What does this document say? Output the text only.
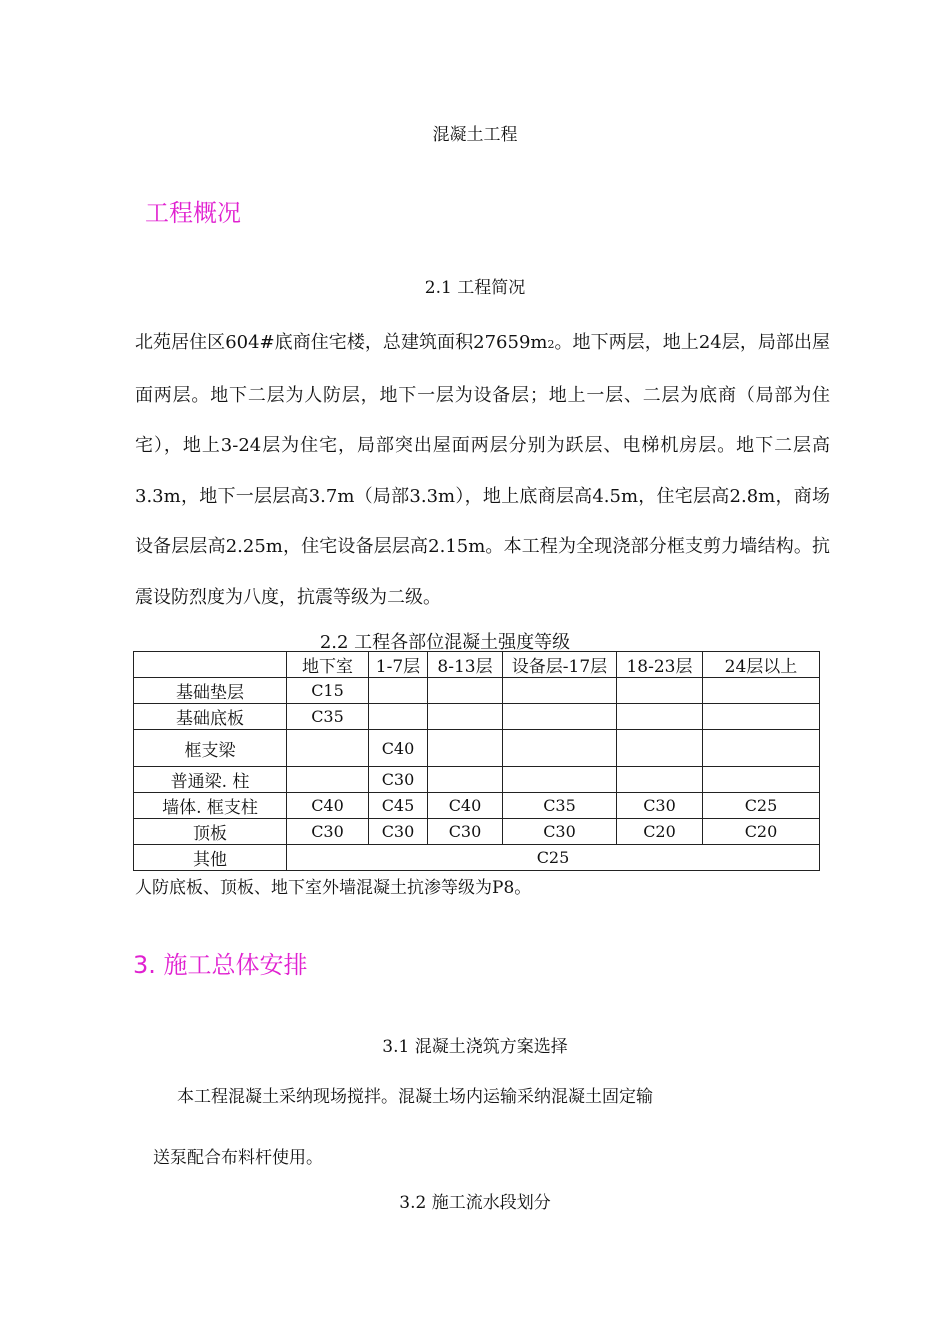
混凝土工程
工程概况
2.1 工程简况
北苑居住区604#底商住宅楼，总建筑面积27659m2。地下两层，地上24层，局部出屋面两层。地下二层为人防层，地下一层为设备层；地上一层、二层为底商（局部为住宅），地上3-24层为住宅，局部突出屋面两层分别为跃层、电梯机房层。地下二层高3.3m，地下一层层高3.7m（局部3.3m），地上底商层高4.5m，住宅层高2.8m，商场设备层层高2.25m，住宅设备层层高2.15m。本工程为全现浇部分框支剪力墙结构。抗震设防烈度为八度，抗震等级为二级。
2.2 工程各部位混凝土强度等级
	地下室	1-7层	8-13层	设备层-17层	18-23层	24层以上
基础垫层	C15					
基础底板	C35					
框支梁		C40				
普通梁. 柱		C30				
墙体. 框支柱	C40	C45	C40	C35	C30	C25
顶板	C30	C30	C30	C30	C20	C20
其他	C25					
人防底板、顶板、地下室外墙混凝土抗渗等级为P8。
3. 施工总体安排
3.1 混凝土浇筑方案选择
本工程混凝土采纳现场搅拌。混凝土场内运输采纳混凝土固定输
送泵配合布料杆使用。
3.2 施工流水段划分
